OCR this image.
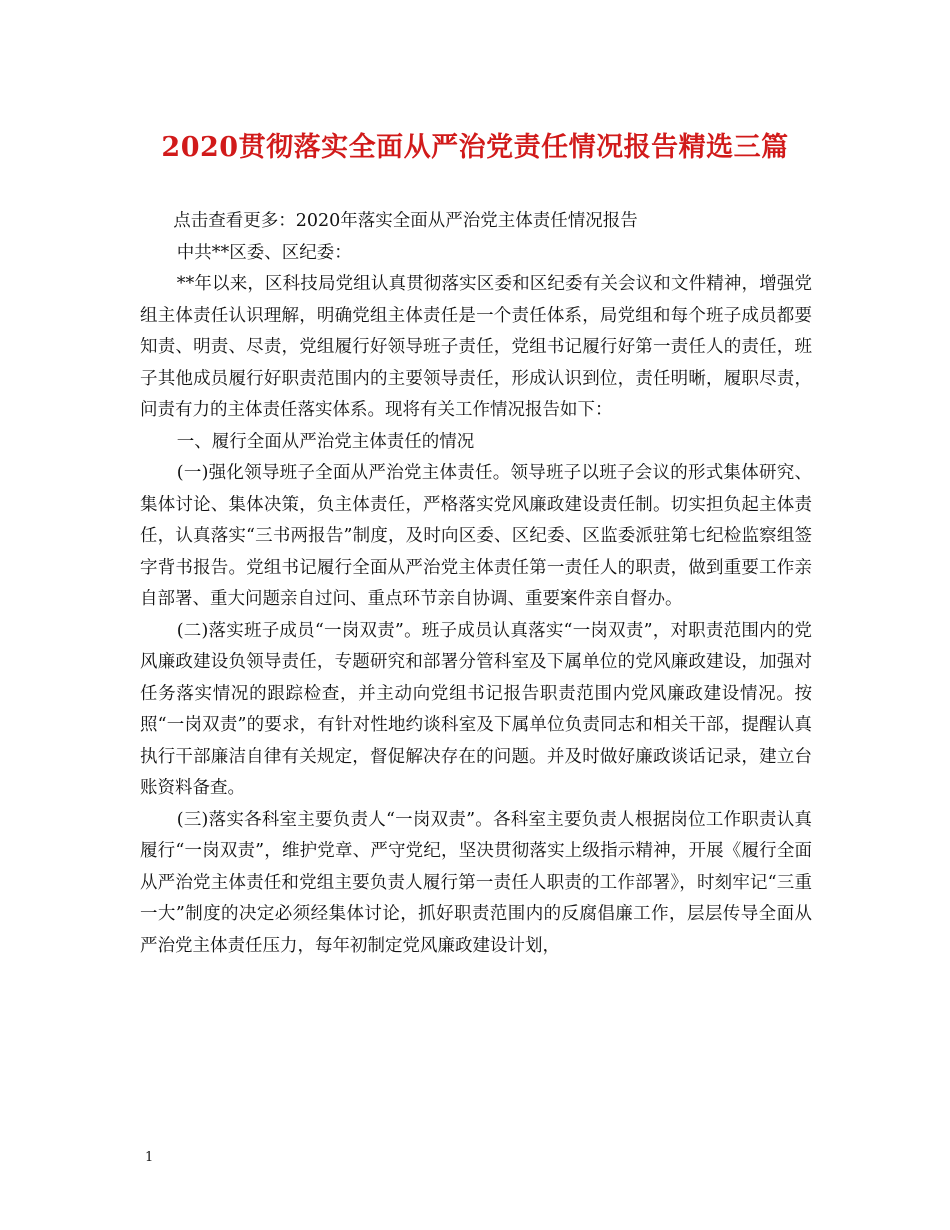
2020贯彻落实全面从严治党责任情况报告精选三篇

点击查看更多：2020年落实全面从严治党主体责任情况报告

中共**区委、区纪委：

**年以来，区科技局党组认真贯彻落实区委和区纪委有关会议和文件精神，增强党组主体责任认识理解，明确党组主体责任是一个责任体系，局党组和每个班子成员都要知责、明责、尽责，党组履行好领导班子责任，党组书记履行好第一责任人的责任，班子其他成员履行好职责范围内的主要领导责任，形成认识到位，责任明晰，履职尽责，问责有力的主体责任落实体系。现将有关工作情况报告如下：

一、履行全面从严治党主体责任的情况

(一)强化领导班子全面从严治党主体责任。领导班子以班子会议的形式集体研究、集体讨论、集体决策，负主体责任，严格落实党风廉政建设责任制。切实担负起主体责任，认真落实“三书两报告”制度，及时向区委、区纪委、区监委派驻第七纪检监察组签字背书报告。党组书记履行全面从严治党主体责任第一责任人的职责，做到重要工作亲自部署、重大问题亲自过问、重点环节亲自协调、重要案件亲自督办。

(二)落实班子成员“一岗双责”。班子成员认真落实“一岗双责”，对职责范围内的党风廉政建设负领导责任，专题研究和部署分管科室及下属单位的党风廉政建设，加强对任务落实情况的跟踪检查，并主动向党组书记报告职责范围内党风廉政建设情况。按照“一岗双责”的要求，有针对性地约谈科室及下属单位负责同志和相关干部，提醒认真执行干部廉洁自律有关规定，督促解决存在的问题。并及时做好廉政谈话记录，建立台账资料备查。

(三)落实各科室主要负责人“一岗双责”。各科室主要负责人根据岗位工作职责认真履行“一岗双责”，维护党章、严守党纪，坚决贯彻落实上级指示精神，开展《履行全面从严治党主体责任和党组主要负责人履行第一责任人职责的工作部署》，时刻牢记“三重一大”制度的决定必须经集体讨论，抓好职责范围内的反腐倡廉工作，层层传导全面从严治党主体责任压力，每年初制定党风廉政建设计划，

1
